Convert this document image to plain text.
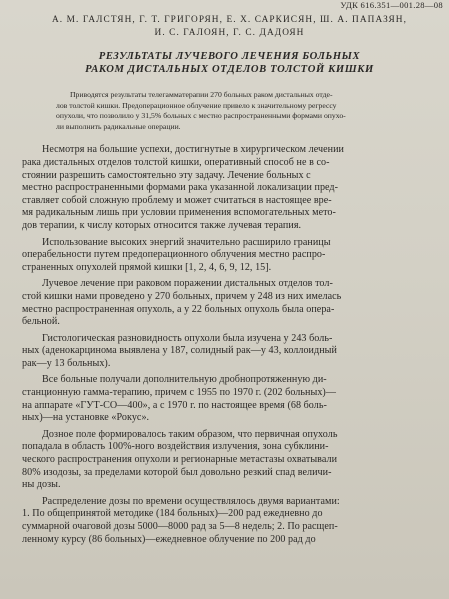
УДК 616.351—001.28—08
А. М. ГАЛСТЯН, Г. Т. ГРИГОРЯН, Е. Х. САРКИСЯН, Ш. А. ПАПАЗЯН,
И. С. ГАЛОЯН, Г. С. ДАДОЯН
РЕЗУЛЬТАТЫ ЛУЧЕВОГО ЛЕЧЕНИЯ БОЛЬНЫХ
РАКОМ ДИСТАЛЬНЫХ ОТДЕЛОВ ТОЛСТОЙ КИШКИ
Приводятся результаты телегаммaтерапии 270 больных раком дистальных отде-
лов толстой кишки. Предоперационное облучение привело к значительному регрессу
опухоли, что позволило у 31,5% больных с местно распространенными формами опухо-
ли выполнить радикальные операции.
Несмотря на большие успехи, достигнутые в хирургическом лечении
рака дистальных отделов толстой кишки, оперативный способ не в со-
стоянии разрешить самостоятельно эту задачу. Лечение больных с
местно распространенными формами рака указанной локализации пред-
ставляет собой сложную проблему и может считаться в настоящее вре-
мя радикальным лишь при условии применения вспомогательных мето-
дов терапии, к числу которых относится также лучевая терапия.
Использование высоких энергий значительно расширило границы
операбельности путем предоперационного облучения местно распро-
страненных опухолей прямой кишки [1, 2, 4, 6, 9, 12, 15].
Лучевое лечение при раковом поражении дистальных отделов тол-
стой кишки нами проведено у 270 больных, причем у 248 из них имелась
местно распространенная опухоль, а у 22 больных опухоль была опера-
бельной.
Гистологическая разновидность опухоли была изучена у 243 боль-
ных (аденокарцинома выявлена у 187, солидный рак—у 43, коллоидный
рак—у 13 больных).
Все больные получали дополнительную дробнопротяженную ди-
станционную гамма-терапию, причем с 1955 по 1970 г. (202 больных)—
на аппарате «ГУТ-СО—400», а с 1970 г. по настоящее время (68 боль-
ных)—на установке «Рокус».
Дозное поле формировалось таким образом, что первичная опухоль
попадала в область 100%-ного воздействия излучения, зона субклини-
ческого распространения опухоли и регионарные метастазы охватывали
80% изодозы, за пределами которой был довольно резкий спад величи-
ны дозы.
Распределение дозы по времени осуществлялось двумя вариантами:
1. По общепринятой методике (184 больных)—200 рад ежедневно до
суммарной очаговой дозы 5000—8000 рад за 5—8 недель; 2. По расщеп-
ленному курсу (86 больных)—ежедневное облучение по 200 рад до
